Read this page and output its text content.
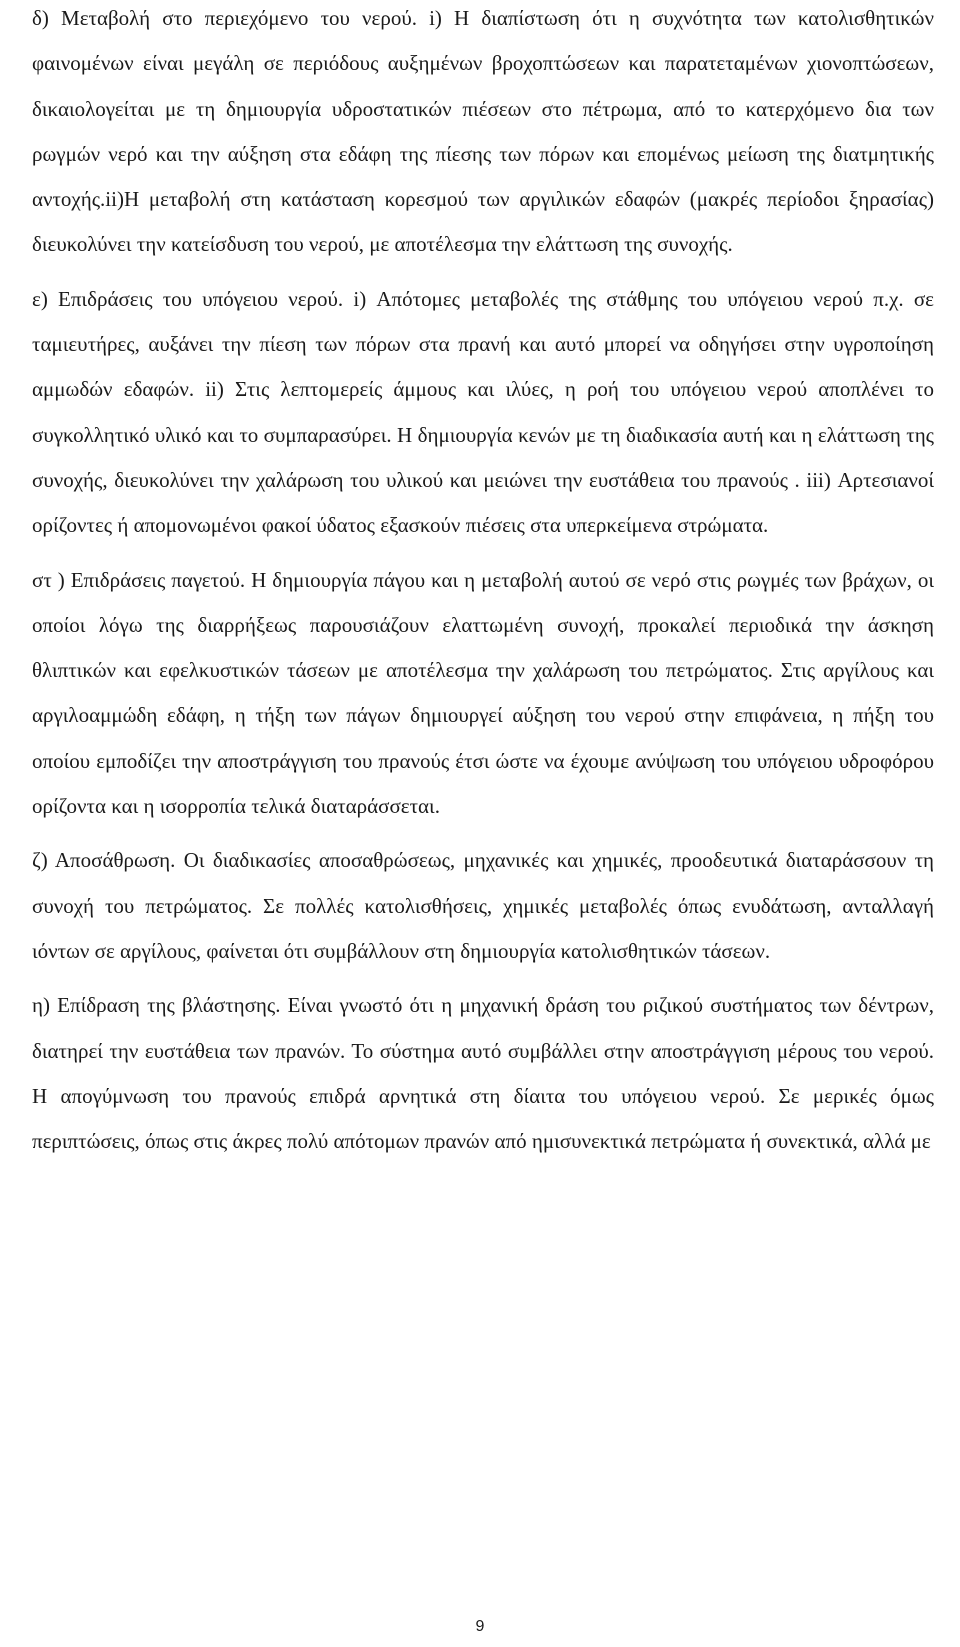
δ) Μεταβολή στο περιεχόμενο του νερού. i) Η διαπίστωση ότι η συχνότητα των κατολισθητικών φαινομένων είναι μεγάλη σε περιόδους αυξημένων βροχοπτώσεων και παρατεταμένων χιονοπτώσεων, δικαιολογείται με τη δημιουργία υδροστατικών πιέσεων στο πέτρωμα, από το κατερχόμενο δια των ρωγμών νερό και την αύξηση στα εδάφη της πίεσης των πόρων και επομένως μείωση της διατμητικής αντοχής.ii)Η μεταβολή στη κατάσταση κορεσμού των αργιλικών εδαφών (μακρές περίοδοι ξηρασίας) διευκολύνει την κατείσδυση του νερού, με αποτέλεσμα την ελάττωση της συνοχής.

ε) Επιδράσεις του υπόγειου νερού. i) Απότομες μεταβολές της στάθμης του υπόγειου νερού π.χ. σε ταμιευτήρες, αυξάνει την πίεση των πόρων στα πρανή και αυτό μπορεί να οδηγήσει στην υγροποίηση αμμωδών εδαφών. ii) Στις λεπτομερείς άμμους και ιλύες, η ροή του υπόγειου νερού αποπλένει το συγκολλητικό υλικό και το συμπαρασύρει. Η δημιουργία κενών με τη διαδικασία αυτή και η ελάττωση της συνοχής, διευκολύνει την χαλάρωση του υλικού και μειώνει την ευστάθεια του πρανούς . iii) Αρτεσιανοί ορίζοντες ή απομονωμένοι φακοί ύδατος εξασκούν πιέσεις στα υπερκείμενα στρώματα.

στ ) Επιδράσεις παγετού. Η δημιουργία πάγου και η μεταβολή αυτού σε νερό στις ρωγμές των βράχων, οι οποίοι λόγω της διαρρήξεως παρουσιάζουν ελαττωμένη συνοχή, προκαλεί περιοδικά την άσκηση θλιπτικών και εφελκυστικών τάσεων με αποτέλεσμα την χαλάρωση του πετρώματος. Στις αργίλους και αργιλοαμμώδη εδάφη, η τήξη των πάγων δημιουργεί αύξηση του νερού στην επιφάνεια, η πήξη του οποίου εμποδίζει την αποστράγγιση του πρανούς έτσι ώστε να έχουμε ανύψωση του υπόγειου υδροφόρου ορίζοντα και η ισορροπία τελικά διαταράσσεται.

ζ) Αποσάθρωση. Οι διαδικασίες αποσαθρώσεως, μηχανικές και χημικές, προοδευτικά διαταράσσουν τη συνοχή του πετρώματος. Σε πολλές κατολισθήσεις, χημικές μεταβολές όπως ενυδάτωση, ανταλλαγή ιόντων σε αργίλους, φαίνεται ότι συμβάλλουν στη δημιουργία κατολισθητικών τάσεων.

η) Επίδραση της βλάστησης. Είναι γνωστό ότι η μηχανική δράση του ριζικού συστήματος των δέντρων, διατηρεί την ευστάθεια των πρανών. Το σύστημα αυτό συμβάλλει στην αποστράγγιση μέρους του νερού. Η απογύμνωση του πρανούς επιδρά αρνητικά στη δίαιτα του υπόγειου νερού. Σε μερικές όμως περιπτώσεις, όπως στις άκρες πολύ απότομων πρανών από ημισυνεκτικά πετρώματα ή συνεκτικά, αλλά με

9
